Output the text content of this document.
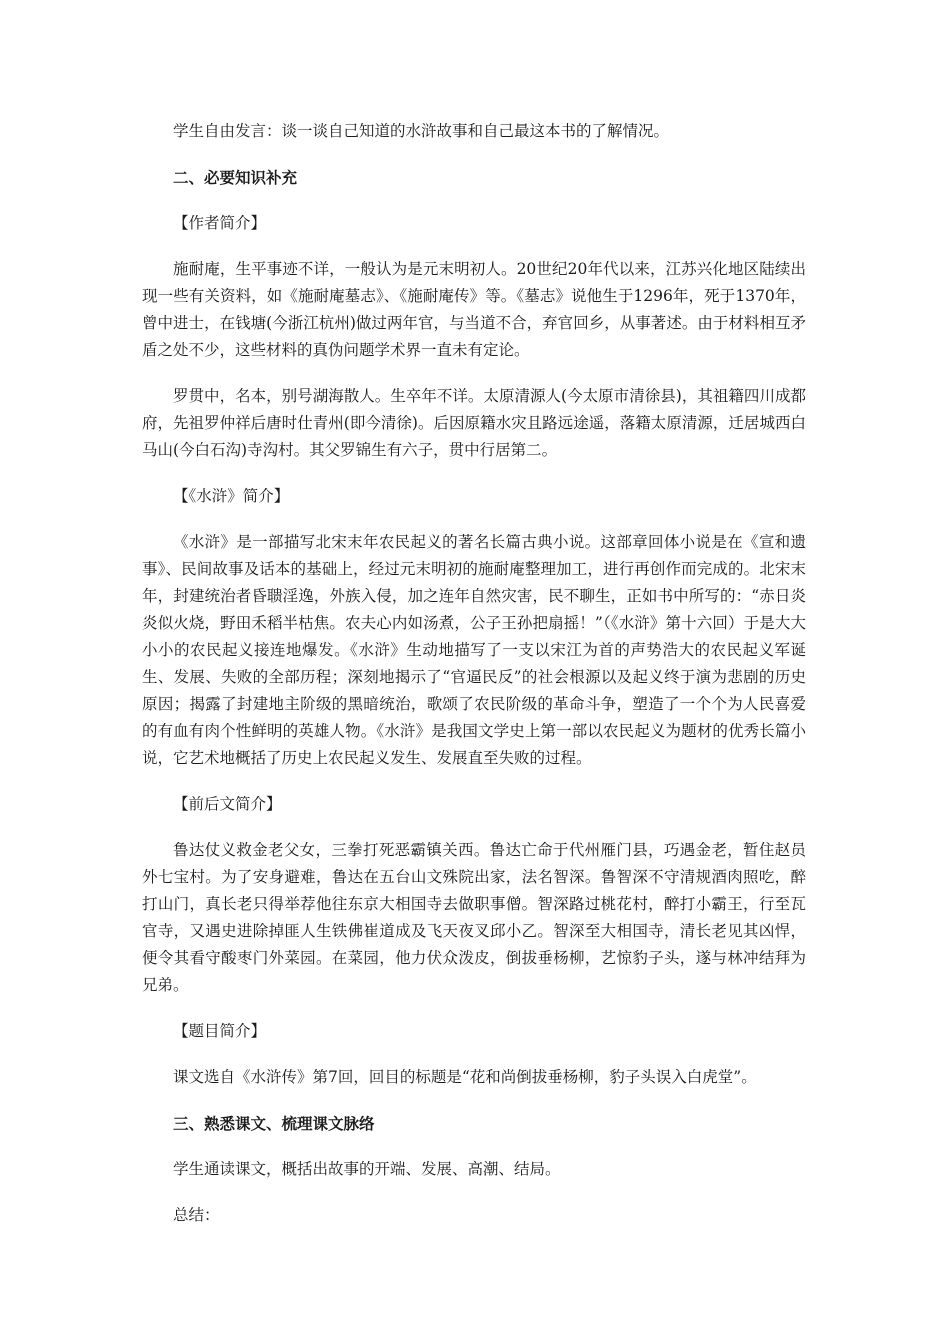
学生自由发言：谈一谈自己知道的水浒故事和自己最这本书的了解情况。

二、必要知识补充

【作者简介】

施耐庵，生平事迹不详，一般认为是元末明初人。20世纪20年代以来，江苏兴化地区陆续出现一些有关资料，如《施耐庵墓志》、《施耐庵传》等。《墓志》说他生于1296年，死于1370年，曾中进士，在钱塘(今浙江杭州)做过两年官，与当道不合，弃官回乡，从事著述。由于材料相互矛盾之处不少，这些材料的真伪问题学术界一直未有定论。

罗贯中，名本，别号湖海散人。生卒年不详。太原清源人(今太原市清徐县)，其祖籍四川成都府，先祖罗仲祥后唐时仕青州(即今清徐)。后因原籍水灾且路远途遥，落籍太原清源，迁居城西白马山(今白石沟)寺沟村。其父罗锦生有六子，贯中行居第二。

【《水浒》简介】

《水浒》是一部描写北宋末年农民起义的著名长篇古典小说。这部章回体小说是在《宣和遗事》、民间故事及话本的基础上，经过元末明初的施耐庵整理加工，进行再创作而完成的。北宋末年，封建统治者昏聩淫逸，外族入侵，加之连年自然灾害，民不聊生，正如书中所写的：“赤日炎炎似火烧，野田禾稻半枯焦。农夫心内如汤煮，公子王孙把扇摇！”（《水浒》第十六回）于是大大小小的农民起义接连地爆发。《水浒》生动地描写了一支以宋江为首的声势浩大的农民起义军诞生、发展、失败的全部历程；深刻地揭示了“官逼民反”的社会根源以及起义终于演为悲剧的历史原因；揭露了封建地主阶级的黑暗统治，歌颂了农民阶级的革命斗争，塑造了一个个为人民喜爱的有血有肉个性鲜明的英雄人物。《水浒》是我国文学史上第一部以农民起义为题材的优秀长篇小说，它艺术地概括了历史上农民起义发生、发展直至失败的过程。

【前后文简介】

鲁达仗义救金老父女，三拳打死恶霸镇关西。鲁达亡命于代州雁门县，巧遇金老，暂住赵员外七宝村。为了安身避难，鲁达在五台山文殊院出家，法名智深。鲁智深不守清规酒肉照吃，醉打山门，真长老只得举荐他往东京大相国寺去做职事僧。智深路过桃花村，醉打小霸王，行至瓦官寺，又遇史进除掉匪人生铁佛崔道成及飞天夜叉邱小乙。智深至大相国寺，清长老见其凶悍，便令其看守酸枣门外菜园。在菜园，他力伏众泼皮，倒拔垂杨柳，艺惊豹子头，遂与林冲结拜为兄弟。

【题目简介】

课文选自《水浒传》第7回，回目的标题是“花和尚倒拔垂杨柳，豹子头误入白虎堂”。

三、熟悉课文、梳理课文脉络

学生通读课文，概括出故事的开端、发展、高潮、结局。

总结：
